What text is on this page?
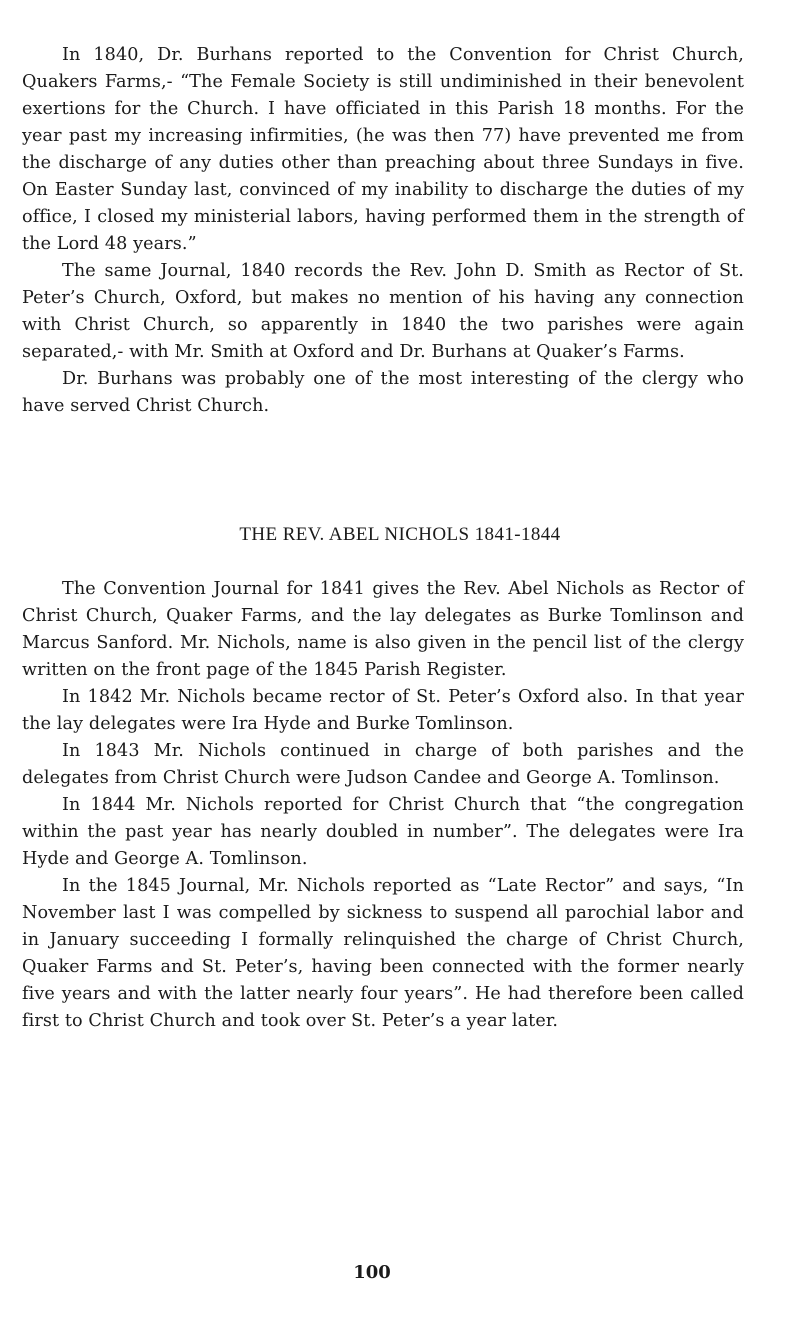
In 1840, Dr. Burhans reported to the Convention for Christ Church, Quakers Farms,- “The Female Society is still undiminished in their benevolent exertions for the Church. I have officiated in this Parish 18 months. For the year past my increasing infirmities, (he was then 77) have prevented me from the discharge of any duties other than preaching about three Sundays in five. On Easter Sunday last, convinced of my inability to discharge the duties of my office, I closed my ministerial labors, having performed them in the strength of the Lord 48 years.”

The same Journal, 1840 records the Rev. John D. Smith as Rector of St. Peter’s Church, Oxford, but makes no mention of his having any connection with Christ Church, so apparently in 1840 the two parishes were again separated,- with Mr. Smith at Oxford and Dr. Burhans at Quaker’s Farms.

Dr. Burhans was probably one of the most interesting of the clergy who have served Christ Church.

THE REV. ABEL NICHOLS 1841-1844

The Convention Journal for 1841 gives the Rev. Abel Nichols as Rector of Christ Church, Quaker Farms, and the lay delegates as Burke Tomlinson and Marcus Sanford. Mr. Nichols, name is also given in the pencil list of the clergy written on the front page of the 1845 Parish Register.

In 1842 Mr. Nichols became rector of St. Peter’s Oxford also. In that year the lay delegates were Ira Hyde and Burke Tomlinson.

In 1843 Mr. Nichols continued in charge of both parishes and the delegates from Christ Church were Judson Candee and George A. Tomlinson.

In 1844 Mr. Nichols reported for Christ Church that “the congregation within the past year has nearly doubled in number”. The delegates were Ira Hyde and George A. Tomlinson.

In the 1845 Journal, Mr. Nichols reported as “Late Rector” and says, “In November last I was compelled by sickness to suspend all parochial labor and in January succeeding I formally relinquished the charge of Christ Church, Quaker Farms and St. Peter’s, having been connected with the former nearly five years and with the latter nearly four years”. He had therefore been called first to Christ Church and took over St. Peter’s a year later.

100
